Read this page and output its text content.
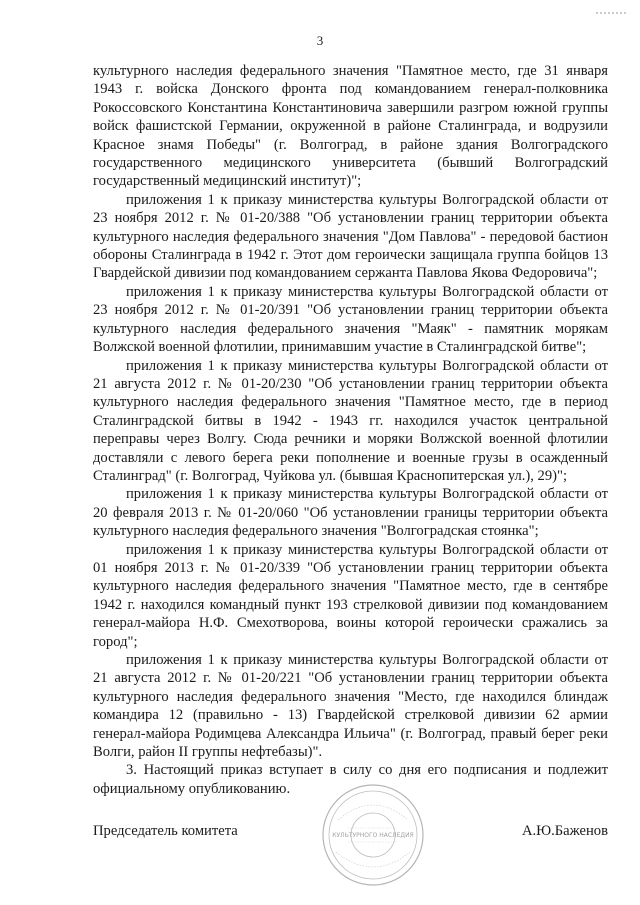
3

культурного наследия федерального значения "Памятное место, где 31 января 1943 г. войска Донского фронта под командованием генерал-полковника Рокоссовского Константина Константиновича завершили разгром южной группы войск фашистской Германии, окруженной в районе Сталинграда, и водрузили Красное знамя Победы" (г. Волгоград, в районе здания Волгоградского государственного медицинского университета (бывший Волгоградский государственный медицинский институт)";

приложения 1 к приказу министерства культуры Волгоградской области от 23 ноября 2012 г. № 01-20/388 "Об установлении границ территории объекта культурного наследия федерального значения "Дом Павлова" - передовой бастион обороны Сталинграда в 1942 г. Этот дом героически защищала группа бойцов 13 Гвардейской дивизии под командованием сержанта Павлова Якова Федоровича";

приложения 1 к приказу министерства культуры Волгоградской области от 23 ноября 2012 г. № 01-20/391 "Об установлении границ территории объекта культурного наследия федерального значения "Маяк" - памятник морякам Волжской военной флотилии, принимавшим участие в Сталинградской битве";

приложения 1 к приказу министерства культуры Волгоградской области от 21 августа 2012 г. № 01-20/230 "Об установлении границ территории объекта культурного наследия федерального значения "Памятное место, где в период Сталинградской битвы в 1942 - 1943 гг. находился участок центральной переправы через Волгу. Сюда речники и моряки Волжской военной флотилии доставляли с левого берега реки пополнение и военные грузы в осажденный Сталинград" (г. Волгоград, Чуйкова ул. (бывшая Краснопитерская ул.), 29)";

приложения 1 к приказу министерства культуры Волгоградской области от 20 февраля 2013 г. № 01-20/060 "Об установлении границы территории объекта культурного наследия федерального значения "Волгоградская стоянка";

приложения 1 к приказу министерства культуры Волгоградской области от 01 ноября 2013 г. № 01-20/339 "Об установлении границ территории объекта культурного наследия федерального значения "Памятное место, где в сентябре 1942 г. находился командный пункт 193 стрелковой дивизии под командованием генерал-майора Н.Ф. Смехотворова, воины которой героически сражались за город";

приложения 1 к приказу министерства культуры Волгоградской области от 21 августа 2012 г. № 01-20/221 "Об установлении границ территории объекта культурного наследия федерального значения "Место, где находился блиндаж командира 12 (правильно - 13) Гвардейской стрелковой дивизии 62 армии генерал-майора Родимцева Александра Ильича" (г. Волгоград, правый берег реки Волги, район II группы нефтебазы)".

3. Настоящий приказ вступает в силу со дня его подписания и подлежит официальному опубликованию.

КУЛЬТУРНОГО НАСЛЕДИЯ
Председатель комитета	А.Ю.Баженов
